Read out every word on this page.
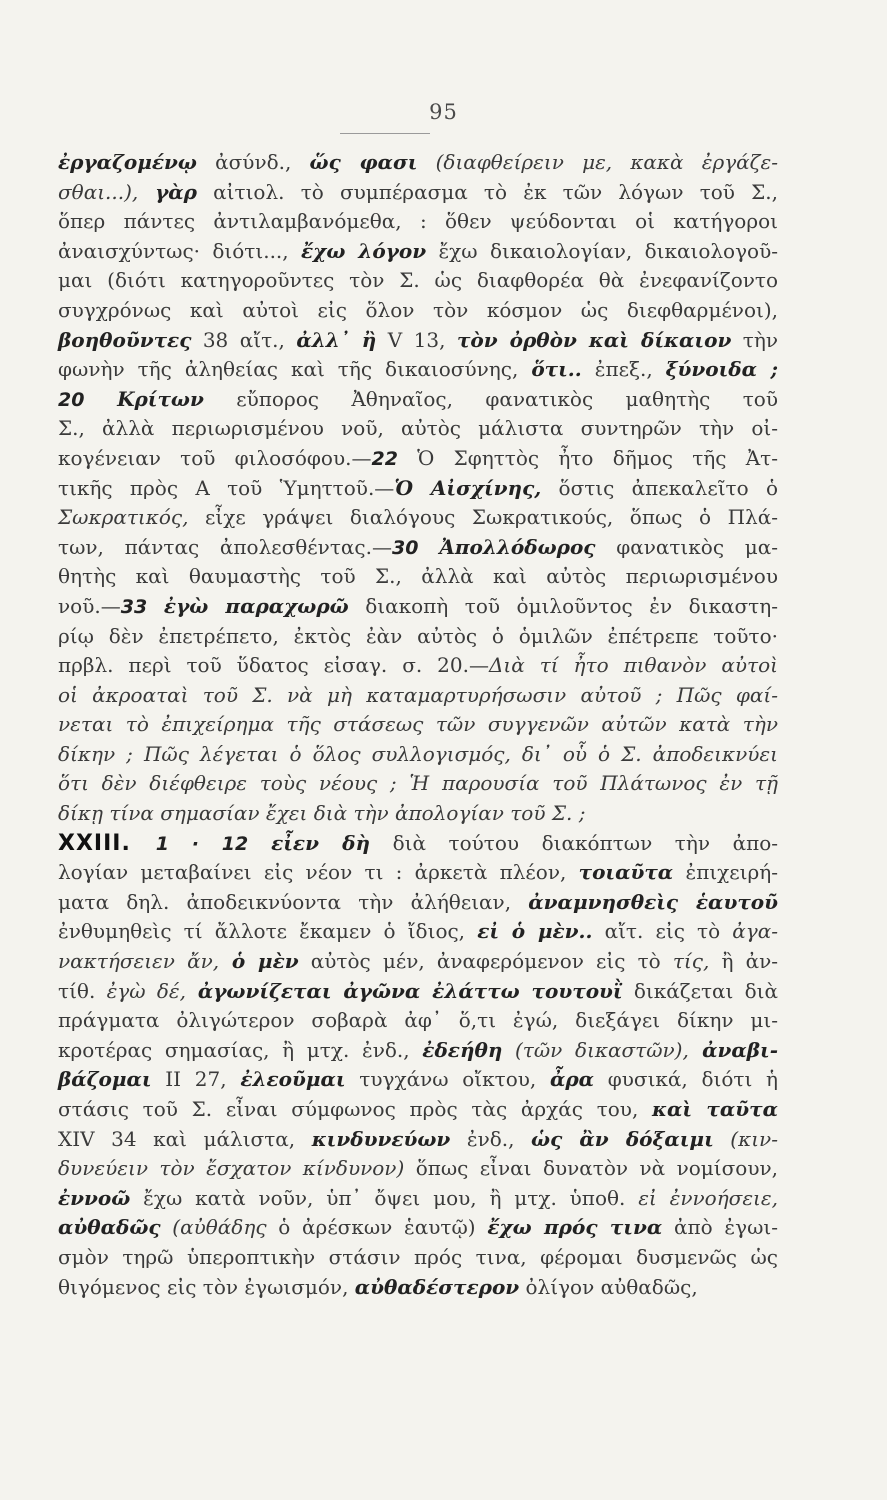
95
ἐργαζομένῳ ἀσύνδ., ὥς φασι (διαφθείρειν με, κακὰ ἐργάζε-
σθαι...), γὰρ αἰτιολ. τὸ συμπέρασμα τὸ ἐκ τῶν λόγων τοῦ Σ.,
ὅπερ πάντες ἀντιλαμβανόμεθα, : ὅθεν ψεύδονται οἱ κατήγοροι
ἀναισχύντως· διότι..., ἔχω λόγον ἔχω δικαιολογίαν, δικαιολογοῦ-
μαι (διότι κατηγοροῦντες τὸν Σ. ὡς διαφθορέα θὰ ἐνεφανίζοντο
συγχρόνως καὶ αὐτοὶ εἰς ὅλον τὸν κόσμον ὡς διεφθαρμένοι),
βοηθοῦντες 38 αἴτ., ἀλλ᾽ ἢ V 13, τὸν ὀρθὸν καὶ δίκαιον τὴν
φωνὴν τῆς ἀληθείας καὶ τῆς δικαιοσύνης, ὅτι.. ἐπεξ., ξύνοιδα ;
20 Κρίτων εὔπορος Ἀθηναῖος, φανατικὸς μαθητὴς τοῦ
Σ., ἀλλὰ περιωρισμένου νοῦ, αὐτὸς μάλιστα συντηρῶν τὴν οἰ-
κογένειαν τοῦ φιλοσόφου.—22 Ὁ Σφηττὸς ἦτο δῆμος τῆς Ἀτ-
τικῆς πρὸς Α τοῦ Ὑμηττοῦ.—Ὁ Αἰσχίνης, ὅστις ἀπεκαλεῖτο ὁ
Σωκρατικός, εἶχε γράψει διαλόγους Σωκρατικούς, ὅπως ὁ Πλά-
των, πάντας ἀπολεσθέντας.—30 Ἀπολλόδωρος φανατικὸς μα-
θητὴς καὶ θαυμαστὴς τοῦ Σ., ἀλλὰ καὶ αὐτὸς περιωρισμένου
νοῦ.—33 ἐγὼ παραχωρῶ διακοπὴ τοῦ ὁμιλοῦντος ἐν δικαστη-
ρίῳ δὲν ἐπετρέπετο, ἐκτὸς ἐὰν αὐτὸς ὁ ὁμιλῶν ἐπέτρεπε τοῦτο·
πρβλ. περὶ τοῦ ὕδατος εἰσαγ. σ. 20.—Διὰ τί ἦτο πιθανὸν αὐτοὶ
οἱ ἀκροαταὶ τοῦ Σ. νὰ μὴ καταμαρτυρήσωσιν αὐτοῦ ; Πῶς φαί-
νεται τὸ ἐπιχείρημα τῆς στάσεως τῶν συγγενῶν αὐτῶν κατὰ τὴν
δίκην ; Πῶς λέγεται ὁ ὅλος συλλογισμός, δι᾽ οὗ ὁ Σ. ἀποδεικνύει
ὅτι δὲν διέφθειρε τοὺς νέους ; Ἡ παρουσία τοῦ Πλάτωνος ἐν τῇ
δίκῃ τίνα σημασίαν ἔχει διὰ τὴν ἀπολογίαν τοῦ Σ. ;
XXIII. 1 · 12 εἶεν δὴ διὰ τούτου διακόπτων τὴν ἀπο-
λογίαν μεταβαίνει εἰς νέον τι : ἀρκετὰ πλέον, τοιαῦτα ἐπιχειρή-
ματα δηλ. ἀποδεικνύοντα τὴν ἀλήθειαν, ἀναμνησθεὶς ἑαυτοῦ
ἐνθυμηθεὶς τί ἄλλοτε ἔκαμεν ὁ ἴδιος, εἰ ὁ μὲν.. αἴτ. εἰς τὸ ἀγα-
νακτήσειεν ἄν, ὁ μὲν αὐτὸς μέν, ἀναφερόμενον εἰς τὸ τίς, ἢ ἀν-
τίθ. ἐγὼ δέ, ἀγωνίζεται ἀγῶνα ἐλάττω τουτουῒ δικάζεται διὰ
πράγματα ὀλιγώτερον σοβαρὰ ἀφ᾽ ὅ,τι ἐγώ, διεξάγει δίκην μι-
κροτέρας σημασίας, ἢ μτχ. ἐνδ., ἐδεήθη (τῶν δικαστῶν), ἀναβι-
βάζομαι II 27, ἐλεοῦμαι τυγχάνω οἴκτου, ἆρα φυσικά, διότι ἡ
στάσις τοῦ Σ. εἶναι σύμφωνος πρὸς τὰς ἀρχάς του, καὶ ταῦτα
XIV 34 καὶ μάλιστα, κινδυνεύων ἐνδ., ὡς ἂν δόξαιμι (κιν-
δυνεύειν τὸν ἔσχατον κίνδυνον) ὅπως εἶναι δυνατὸν νὰ νομίσουν,
ἐννοῶ ἔχω κατὰ νοῦν, ὑπ᾽ ὄψει μου, ἢ μτχ. ὑποθ. εἰ ἐννοήσειε,
αὐθαδῶς (αὐθάδης ὁ ἀρέσκων ἑαυτῷ) ἔχω πρός τινα ἀπὸ ἐγωι-
σμὸν τηρῶ ὑπεροπτικὴν στάσιν πρός τινα, φέρομαι δυσμενῶς ὡς
θιγόμενος εἰς τὸν ἐγωισμόν, αὐθαδέστερον ὀλίγον αὐθαδῶς,
